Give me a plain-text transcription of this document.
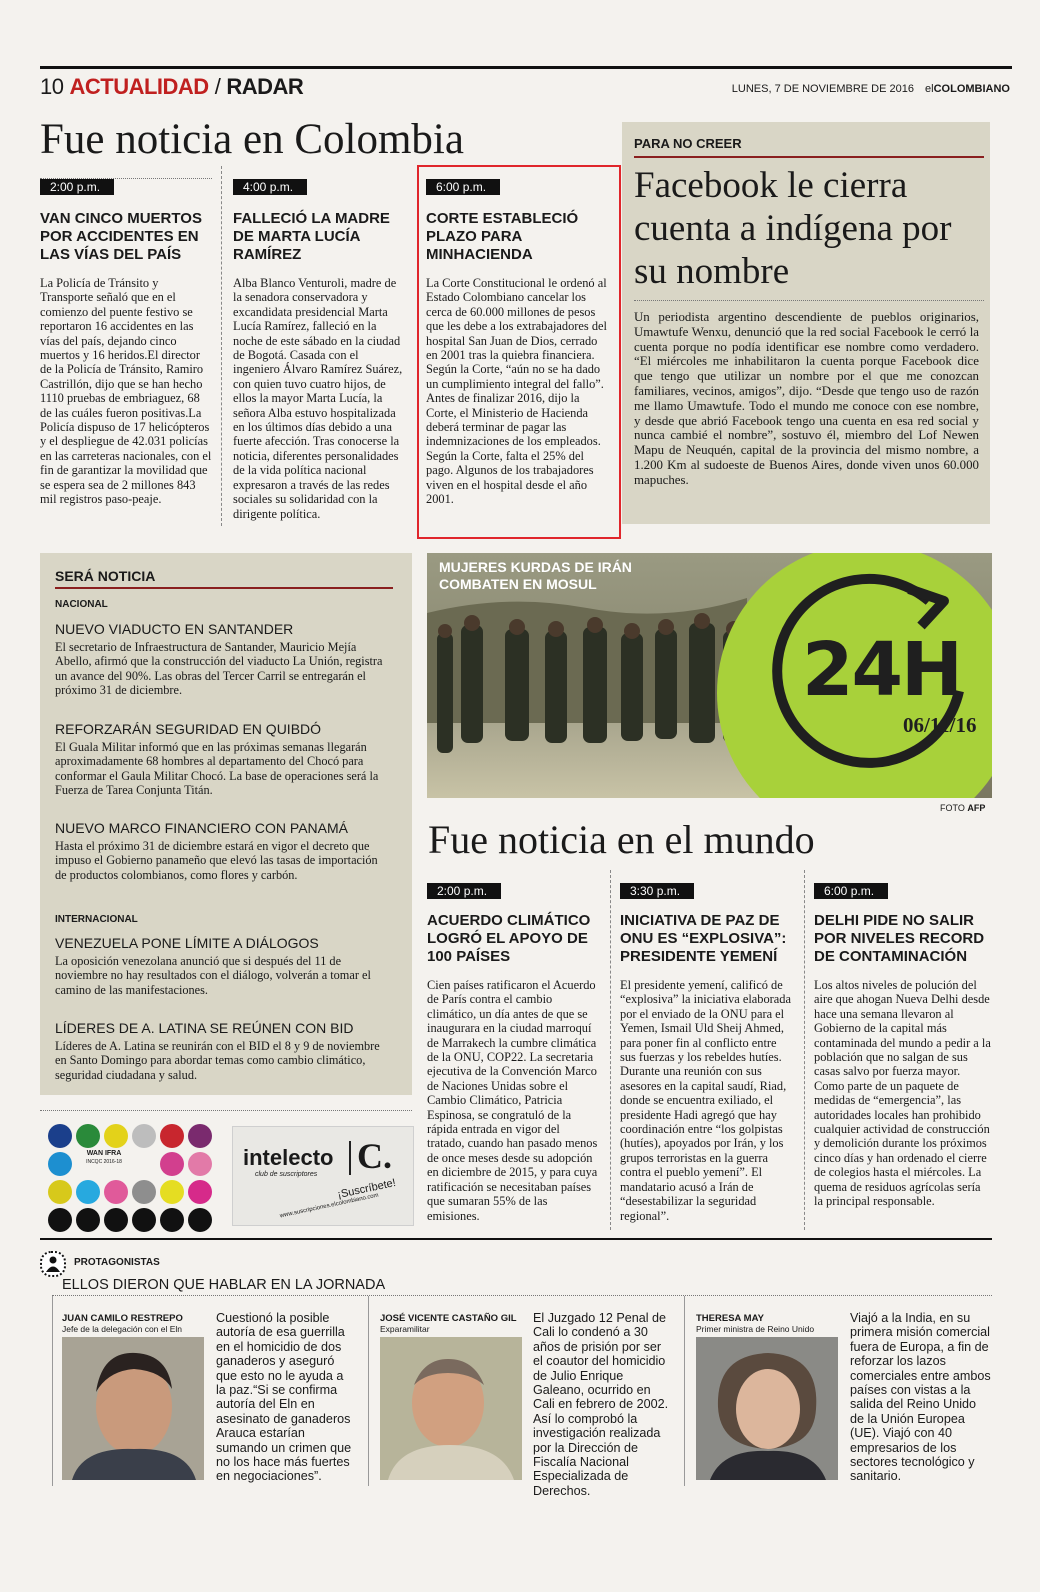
10 ACTUALIDAD / RADAR	LUNES, 7 DE NOVIEMBRE DE 2016 elCOLOMBIANO
Fue noticia en Colombia
2:00 p.m.
VAN CINCO MUERTOS POR ACCIDENTES EN LAS VÍAS DEL PAÍS
La Policía de Tránsito y Transporte señaló que en el comienzo del puente festivo se reportaron 16 accidentes en las vías del país, dejando cinco muertos y 16 heridos.El director de la Policía de Tránsito, Ramiro Castrillón, dijo que se han hecho 1110 pruebas de embriaguez, 68 de las cuáles fueron positivas.La Policía dispuso de 17 helicópteros y el despliegue de 42.031 policías en las carreteras nacionales, con el fin de garantizar la movilidad que se espera sea de 2 millones 843 mil registros paso-peaje.
4:00 p.m.
FALLECIÓ LA MADRE DE MARTA LUCÍA RAMÍREZ
Alba Blanco Venturoli, madre de la senadora conservadora y excandidata presidencial Marta Lucía Ramírez, falleció en la noche de este sábado en la ciudad de Bogotá. Casada con el ingeniero Álvaro Ramírez Suárez, con quien tuvo cuatro hijos, de ellos la mayor Marta Lucía, la señora Alba estuvo hospitalizada en los últimos días debido a una fuerte afección. Tras conocerse la noticia, diferentes personalidades de la vida política nacional expresaron a través de las redes sociales su solidaridad con la dirigente política.
6:00 p.m.
CORTE ESTABLECIÓ PLAZO PARA MINHACIENDA
La Corte Constitucional le ordenó al Estado Colombiano cancelar los cerca de 60.000 millones de pesos que les debe a los extrabajadores del hospital San Juan de Dios, cerrado en 2001 tras la quiebra financiera. Según la Corte, “aún no se ha dado un cumplimiento integral del fallo”. Antes de finalizar 2016, dijo la Corte, el Ministerio de Hacienda deberá terminar de pagar las indemnizaciones de los empleados. Según la Corte, falta el 25% del pago. Algunos de los trabajadores viven en el hospital desde el año 2001.
PARA NO CREER
Facebook le cierra cuenta a indígena por su nombre
Un periodista argentino descendiente de pueblos originarios, Umawtufe Wenxu, denunció que la red social Facebook le cerró la cuenta porque no podía identificar ese nombre como verdadero. “El miércoles me inhabilitaron la cuenta porque Facebook dice que tengo que utilizar un nombre por el que me conozcan familiares, vecinos, amigos”, dijo. “Desde que tengo uso de razón me llamo Umawtufe. Todo el mundo me conoce con ese nombre, y desde que abrió Facebook tengo una cuenta en esa red social y nunca cambié el nombre”, sostuvo él, miembro del Lof Newen Mapu de Neuquén, capital de la provincia del mismo nombre, a 1.200 Km al sudoeste de Buenos Aires, donde viven unos 60.000 mapuches.
SERÁ NOTICIA
NACIONAL
NUEVO VIADUCTO EN SANTANDER
El secretario de Infraestructura de Santander, Mauricio Mejía Abello, afirmó que la construcción del viaducto La Unión, registra un avance del 90%. Las obras del Tercer Carril se entregarán el próximo 31 de diciembre.
REFORZARÁN SEGURIDAD EN QUIBDÓ
El Guala Militar informó que en las próximas semanas llegarán aproximadamente 68 hombres al departamento del Chocó para conformar el Gaula Militar Chocó. La base de operaciones será la Fuerza de Tarea Conjunta Titán.
NUEVO MARCO FINANCIERO CON PANAMÁ
Hasta el próximo 31 de diciembre estará en vigor el decreto que impuso el Gobierno panameño que elevó las tasas de importación de productos colombianos, como flores y carbón.
INTERNACIONAL
VENEZUELA PONE LÍMITE A DIÁLOGOS
La oposición venezolana anunció que si después del 11 de noviembre no hay resultados con el diálogo, volverán a tomar el camino de las manifestaciones.
LÍDERES DE A. LATINA SE REÚNEN CON BID
Líderes de A. Latina se reunirán con el BID el 8 y 9 de noviembre en Santo Domingo para abordar temas como cambio climático, seguridad ciudadana y salud.
MUJERES KURDAS DE IRÁN
COMBATEN EN MOSUL
24H
06/11/16
FOTO AFP
Fue noticia en el mundo
2:00 p.m.
ACUERDO CLIMÁTICO LOGRÓ EL APOYO DE 100 PAÍSES
Cien países ratificaron el Acuerdo de París contra el cambio climático, un día antes de que se inaugurara en la ciudad marroquí de Marrakech la cumbre climática de la ONU, COP22. La secretaria ejecutiva de la Convención Marco de Naciones Unidas sobre el Cambio Climático, Patricia Espinosa, se congratuló de la rápida entrada en vigor del tratado, cuando han pasado menos de once meses desde su adopción en diciembre de 2015, y para cuya ratificación se necesitaban países que sumaran 55% de las emisiones.
3:30 p.m.
INICIATIVA DE PAZ DE ONU ES “EXPLOSIVA”: PRESIDENTE YEMENÍ
El presidente yemení, calificó de “explosiva” la iniciativa elaborada por el enviado de la ONU para el Yemen, Ismail Uld Sheij Ahmed, para poner fin al conflicto entre sus fuerzas y los rebeldes hutíes. Durante una reunión con sus asesores en la capital saudí, Riad, donde se encuentra exiliado, el presidente Hadi agregó que hay coordinación entre “los golpistas (hutíes), apoyados por Irán, y los grupos terroristas en la guerra contra el pueblo yemení”. El mandatario acusó a Irán de “desestabilizar la seguridad regional”.
6:00 p.m.
DELHI PIDE NO SALIR POR NIVELES RECORD DE CONTAMINACIÓN
Los altos niveles de polución del aire que ahogan Nueva Delhi desde hace una semana llevaron al Gobierno de la capital más contaminada del mundo a pedir a la población que no salgan de sus casas salvo por fuerza mayor. Como parte de un paquete de medidas de “emergencia”, las autoridades locales han prohibido cualquier actividad de construcción y demolición durante los próximos cinco días y han ordenado el cierre de colegios hasta el miércoles. La quema de residuos agrícolas sería la principal responsable.
WAN IFRA
INCQC 2016-18	intelecto
club de suscriptores C.
¡Suscríbete!
www.suscripciones.elcolombiano.com
PROTAGONISTAS
ELLOS DIERON QUE HABLAR EN LA JORNADA
JUAN CAMILO RESTREPO
Jefe de la delegación con el Eln
Cuestionó la posible autoría de esa guerrilla en el homicidio de dos ganaderos y aseguró que esto no le ayuda a la paz.“Si se confirma autoría del Eln en asesinato de ganaderos Arauca estarían sumando un crimen que no los hace más fuertes en negociaciones”.
JOSÉ VICENTE CASTAÑO GIL
Exparamilitar
El Juzgado 12 Penal de Cali lo condenó a 30 años de prisión por ser el coautor del homicidio de Julio Enrique Galeano, ocurrido en Cali en febrero de 2002. Así lo comprobó la investigación realizada por la Dirección de Fiscalía Nacional Especializada de Derechos.
THERESA MAY
Primer ministra de Reino Unido
Viajó a la India, en su primera misión comercial fuera de Europa, a fin de reforzar los lazos comerciales entre ambos países con vistas a la salida del Reino Unido de la Unión Europea (UE). Viajó con 40 empresarios de los sectores tecnológico y sanitario.
